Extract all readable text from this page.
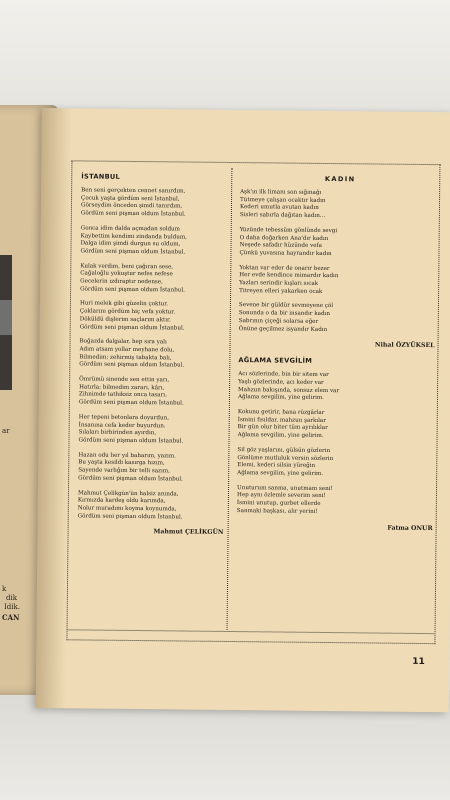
ar
k
dik
Idik.
CAN
İSTANBUL
Ben seni gerçekten cennet sanırdım,
Çocuk yaşta gördüm seni İstanbul,
Görseydim önceden şimdi tanırdım,
Gördüm seni pişman oldum İstanbul.
Gonca idim dalda açmadan soldum
Kaybettim kendimi zindanda buldum,
Dalga idim şimdi durgun su oldum,
Gördüm seni pişman oldum İstanbul.
Kulak verdim, beni çağıran sese,
Cağaloğlu yokuştur nefes nefese
Gecelerin ızdıraptır nedense,
Gördüm seni pişman oldum İstanbul.
Huri melek gibi güzelin çoktur.
Çoklarını gördüm hiç vefa yoktur.
Döküldü dişlerim saçlarım aktır.
Gördüm seni pişman oldum İstanbul.
Boğazda dalgalar, hep sıra yalı
Adım atsam yollar meyhane dolu,
Bilmedim; zehirmiş tabakta balı,
Gördüm seni pişman oldum İstanbul.
Ömrümü sinende sen ettin yarı,
Hatırla; bilmedim zararı, kârı,
Zihnimde tathiksiz onca tasarı,
Gördüm seni pişman oldum İstanbul.
Her tepeni betonlara doyurdun,
İnsanına cefa keder buyurdun.
Sılaları birbirinden ayırdın,
Gördüm seni pişman oldum İstanbul.
Hazan odu her yıl baharım, yazım.
Bu yaşta kesildi kasırga hızım,
Sayende varlığım bir telli sazım,
Gördüm seni pişman oldum İstanbul.
Mahmut Çelikgün'ün halsiz anında,
Kırmızda kardeş oldu karımda,
Nolur muradımı koyma koynumda,
Gördüm seni pişman oldum İstanbul.
Mahmut ÇELİKGÜN
KADIN
Aşk'ın ilk limanı son sığınağı
Tütmeye çalışan ocaktır kadın
Kederi umutla avutan kadın
Sisleri sabırla dağıtan kadın...
Yüzünde tebessüm gönlünde sevgi
O daha doğarken Ana'dır kadın
Neşede safadır hüzünde vefa
Çünkü yuvasına hayrandır kadın
Yoktan var eder de onarır bezer
Her evde kendince mimardır kadın
Yazları serindir kışları sıcak
Titreyen elleri yakarken ocak
Sevene bir güldür sevmeyene çöl
Sonunda o da bir insandır kadın
Sabrının çiçeği solarsa eğer
Önüne geçilmez isyandır Kadın
Nihal ÖZYÜKSEL
AĞLAMA SEVGİLİM
Acı sözlerinde, bin bir sitem var
Yaşlı gözlerinde, acı keder var
Mahzun bakışında, sonsuz elem var
Ağlama sevgilim, yine gelirim.
Kokunu getirir, bana rüzgârlar
İsmini fısıldar, mahzun şarkılar
Bir gün olur biter tüm ayrılıklar
Ağlama sevgilim, yine gelirim.
Sil göz yaşlarını, gülsün gözlerin
Gönlüme mutluluk versin sözlerin
Elemi, kederi silsin yüreğin
Ağlama sevgilim, yine gelirim.
Unuturum sanma, unutmam seni!
Hep aynı özlemle severim seni!
İsmini unutup, gurbet ellerde
Sanmaki başkası, alır yerini!
Fatma ONUR
11
